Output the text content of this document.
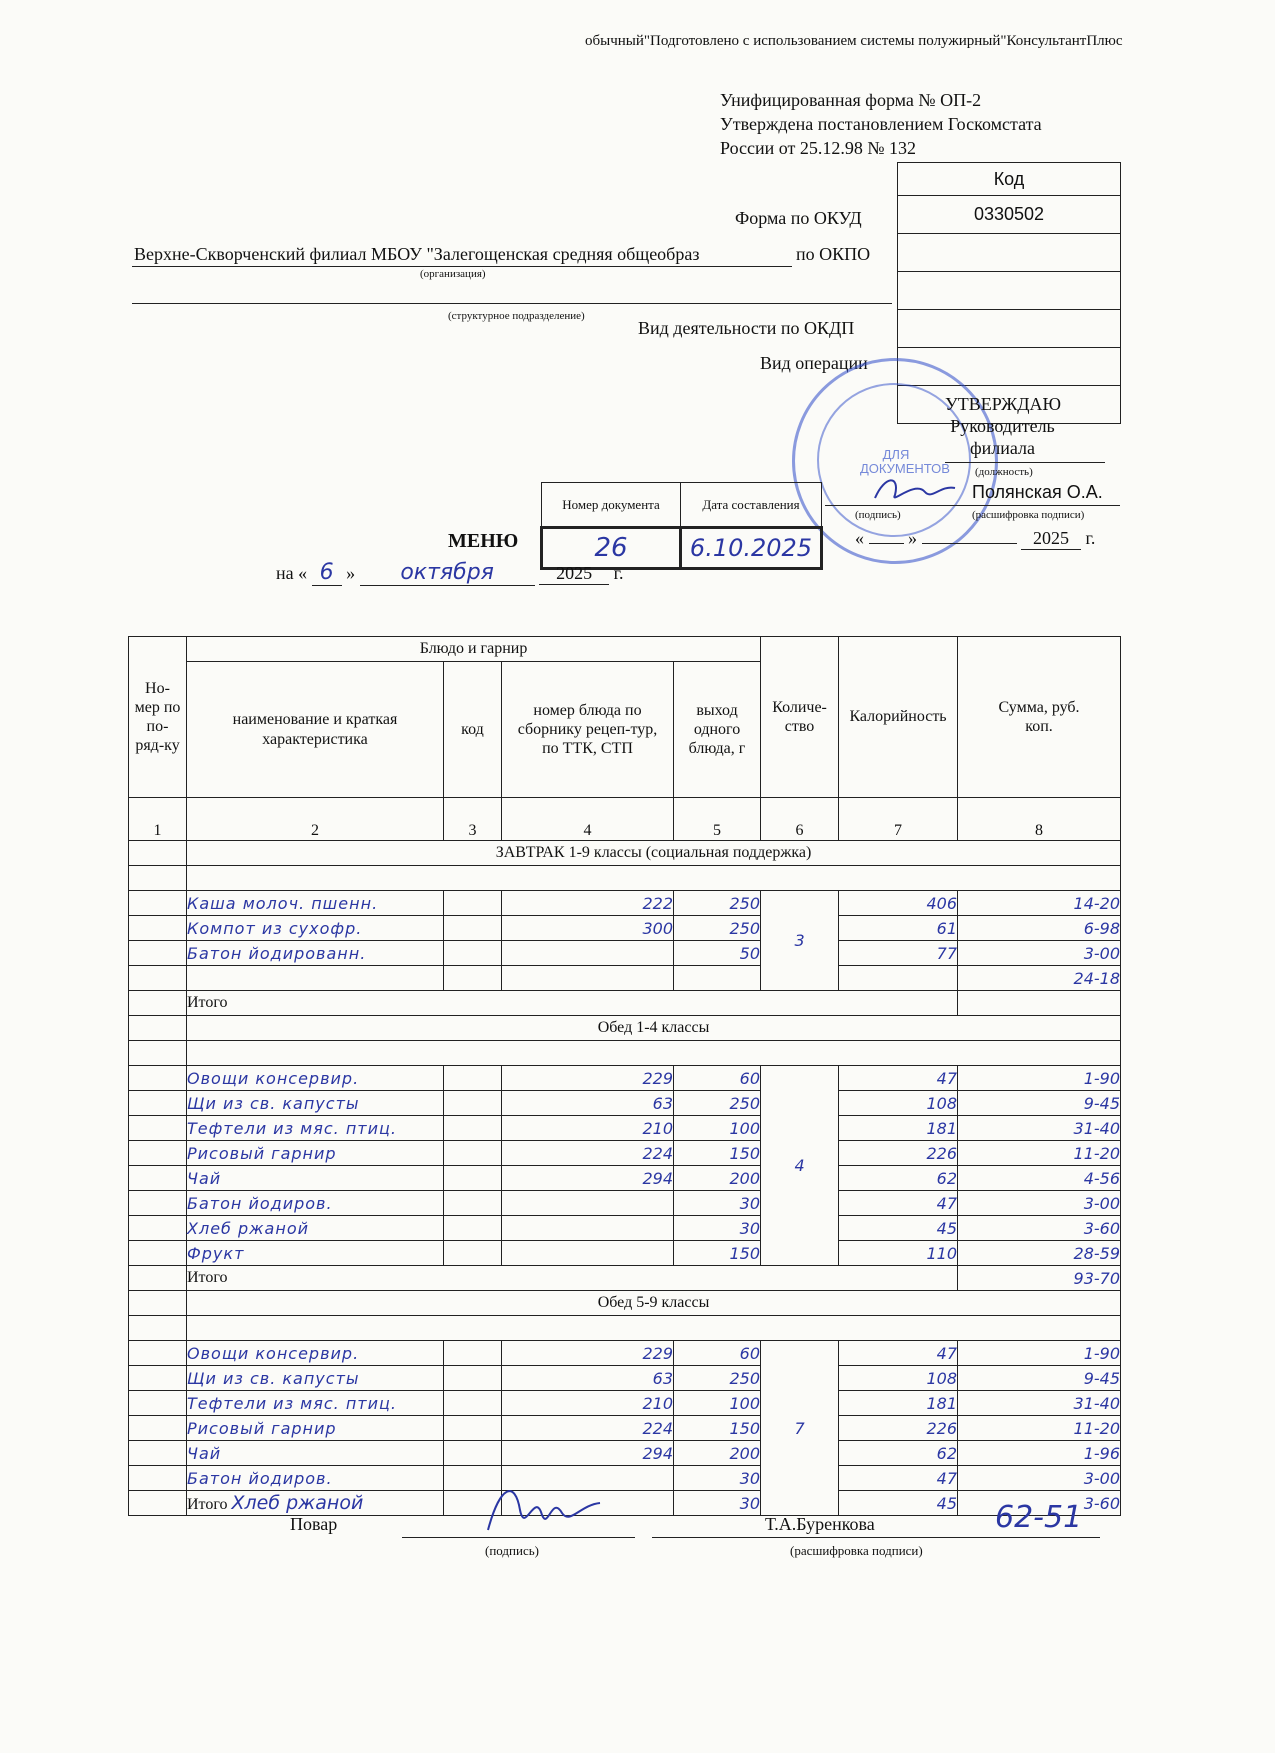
обычный"Подготовлено с использованием системы полужирный"КонсультантПлюс
Унифицированная форма № ОП-2
Утверждена постановлением Госкомстата
России от 25.12.98 № 132
Код
0330502

Форма по ОКУД
Верхне-Скворченский филиал МБОУ "Залегощенская средняя общеобраз	по ОКПО
(организация)
(структурное подразделение)
Вид деятельности по ОКДП
Вид операции
ДЛЯ ДОКУМЕНТОВ
УТВЕРЖДАЮ
Руководитель
филиала
(должность)
Полянская О.А.
(подпись)	(расшифровка подписи)
« »	2025 г.
Номер документа	Дата составления
26	6.10.2025
МЕНЮ
на « 6 » октября	2025 г.
Но-мер по по-ряд-ку	Блюдо и гарнир				Количе-ство	Калорийность	Сумма, руб. коп.
	наименование и краткая характеристика	код	номер блюда по сборнику рецеп-тур, по ТТК, СТП	выход одного блюда, г			
1	2	3	4	5	6	7	8
	ЗАВТРАК 1-9 классы (социальная поддержка)						

	Каша молоч. пшенн.		222	250	3	406	14-20
	Компот из сухофр.		300	250		61	6-98
	Батон йодированн.			50		77	3-00
							24-18
	Итого						
	Обед 1-4 классы						

	Овощи консервир.		229	60	4	47	1-90
	Щи из св. капусты		63	250		108	9-45
	Тефтели из мяс. птиц.		210	100		181	31-40
	Рисовый гарнир		224	150		226	11-20
	Чай		294	200		62	4-56
	Батон йодиров.			30		47	3-00
	Хлеб ржаной			30		45	3-60
	Фрукт			150		110	28-59
	Итого						93-70
	Обед 5-9 классы						

	Овощи консервир.		229	60	7	47	1-90
	Щи из св. капусты		63	250		108	9-45
	Тефтели из мяс. птиц.		210	100		181	31-40
	Рисовый гарнир		224	150		226	11-20
	Чай		294	200		62	1-96
	Батон йодиров.			30		47	3-00
	Итого Хлеб ржаной			30		45	3-60
Повар	Т.А.Буренкова
(подпись)	(расшифровка подписи)
62-51
